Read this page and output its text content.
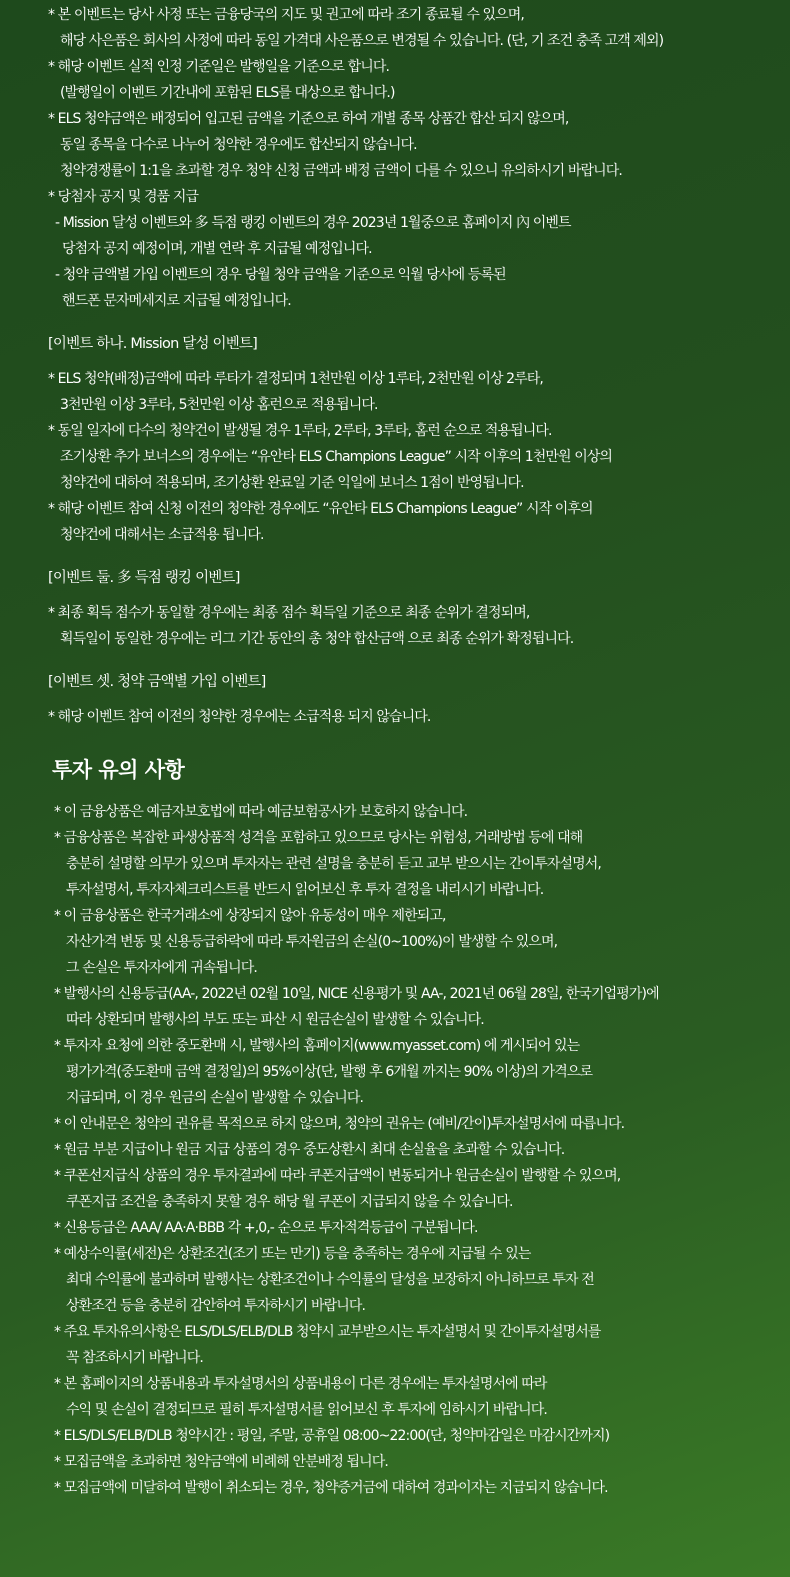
* 본 이벤트는 당사 사정 또는 금융당국의 지도 및 권고에 따라 조기 종료될 수 있으며,
해당 사은품은 회사의 사정에 따라 동일 가격대 사은품으로 변경될 수 있습니다. (단, 기 조건 충족 고객 제외)
* 해당 이벤트 실적 인정 기준일은 발행일을 기준으로 합니다.
(발행일이 이벤트 기간내에 포함된 ELS를 대상으로 합니다.)
* ELS 청약금액은 배정되어 입고된 금액을 기준으로 하여 개별 종목 상품간 합산 되지 않으며,
동일 종목을 다수로 나누어 청약한 경우에도 합산되지 않습니다.
청약경쟁률이 1:1을 초과할 경우 청약 신청 금액과 배정 금액이 다를 수 있으니 유의하시기 바랍니다.
* 당첨자 공지 및 경품 지급
- Mission 달성 이벤트와 多 득점 랭킹 이벤트의 경우 2023년 1월중으로 홈페이지 內 이벤트
당첨자 공지 예정이며, 개별 연락 후 지급될 예정입니다.
- 청약 금액별 가입 이벤트의 경우 당월 청약 금액을 기준으로 익월 당사에 등록된
핸드폰 문자메세지로 지급될 예정입니다.
[이벤트 하나. Mission 달성 이벤트]
* ELS 청약(배정)금액에 따라 루타가 결정되며 1천만원 이상 1루타, 2천만원 이상 2루타,
3천만원 이상 3루타, 5천만원 이상 홈런으로 적용됩니다.
* 동일 일자에 다수의 청약건이 발생될 경우 1루타, 2루타, 3루타, 홈런 순으로 적용됩니다.
조기상환 추가 보너스의 경우에는 “유안타 ELS Champions League” 시작 이후의 1천만원 이상의
청약건에 대하여 적용되며, 조기상환 완료일 기준 익일에 보너스 1점이 반영됩니다.
* 해당 이벤트 참여 신청 이전의 청약한 경우에도 “유안타 ELS Champions League” 시작 이후의
청약건에 대해서는 소급적용 됩니다.
[이벤트 둘. 多 득점 랭킹 이벤트]
* 최종 획득 점수가 동일할 경우에는 최종 점수 획득일 기준으로 최종 순위가 결정되며,
획득일이 동일한 경우에는 리그 기간 동안의 총 청약 합산금액 으로 최종 순위가 확정됩니다.
[이벤트 셋. 청약 금액별 가입 이벤트]
* 해당 이벤트 참여 이전의 청약한 경우에는 소급적용 되지 않습니다.
투자 유의 사항
* 이 금융상품은 예금자보호법에 따라 예금보험공사가 보호하지 않습니다.
* 금융상품은 복잡한 파생상품적 성격을 포함하고 있으므로 당사는 위험성, 거래방법 등에 대해
충분히 설명할 의무가 있으며 투자자는 관련 설명을 충분히 듣고 교부 받으시는 간이투자설명서,
투자설명서, 투자자체크리스트를 반드시 읽어보신 후 투자 결정을 내리시기 바랍니다.
* 이 금융상품은 한국거래소에 상장되지 않아 유동성이 매우 제한되고,
자산가격 변동 및 신용등급하락에 따라 투자원금의 손실(0~100%)이 발생할 수 있으며,
그 손실은 투자자에게 귀속됩니다.
* 발행사의 신용등급(AA-, 2022년 02월 10일, NICE 신용평가 및 AA-, 2021년 06월 28일, 한국기업평가)에
따라 상환되며 발행사의 부도 또는 파산 시 원금손실이 발생할 수 있습니다.
* 투자자 요청에 의한 중도환매 시, 발행사의 홈페이지(www.myasset.com) 에 게시되어 있는
평가가격(중도환매 금액 결정일)의 95%이상(단, 발행 후 6개월 까지는 90% 이상)의 가격으로
지급되며, 이 경우 원금의 손실이 발생할 수 있습니다.
* 이 안내문은 청약의 권유를 목적으로 하지 않으며, 청약의 권유는 (예비/간이)투자설명서에 따릅니다.
* 원금 부분 지급이나 원금 지급 상품의 경우 중도상환시 최대 손실율을 초과할 수 있습니다.
* 쿠폰선지급식 상품의 경우 투자결과에 따라 쿠폰지급액이 변동되거나 원금손실이 발행할 수 있으며,
쿠폰지급 조건을 충족하지 못할 경우 해당 월 쿠폰이 지급되지 않을 수 있습니다.
* 신용등급은 AAA/ AA·A·BBB 각 +,0,- 순으로 투자적격등급이 구분됩니다.
* 예상수익률(세전)은 상환조건(조기 또는 만기) 등을 충족하는 경우에 지급될 수 있는
최대 수익률에 불과하며 발행사는 상환조건이나 수익률의 달성을 보장하지 아니하므로 투자 전
상환조건 등을 충분히 감안하여 투자하시기 바랍니다.
* 주요 투자유의사항은 ELS/DLS/ELB/DLB 청약시 교부받으시는 투자설명서 및 간이투자설명서를
꼭 참조하시기 바랍니다.
* 본 홈페이지의 상품내용과 투자설명서의 상품내용이 다른 경우에는 투자설명서에 따라
수익 및 손실이 결정되므로 필히 투자설명서를 읽어보신 후 투자에 임하시기 바랍니다.
* ELS/DLS/ELB/DLB 청약시간 : 평일, 주말, 공휴일 08:00~22:00(단, 청약마감일은 마감시간까지)
* 모집금액을 초과하면 청약금액에 비례해 안분배정 됩니다.
* 모집금액에 미달하여 발행이 취소되는 경우, 청약증거금에 대하여 경과이자는 지급되지 않습니다.
